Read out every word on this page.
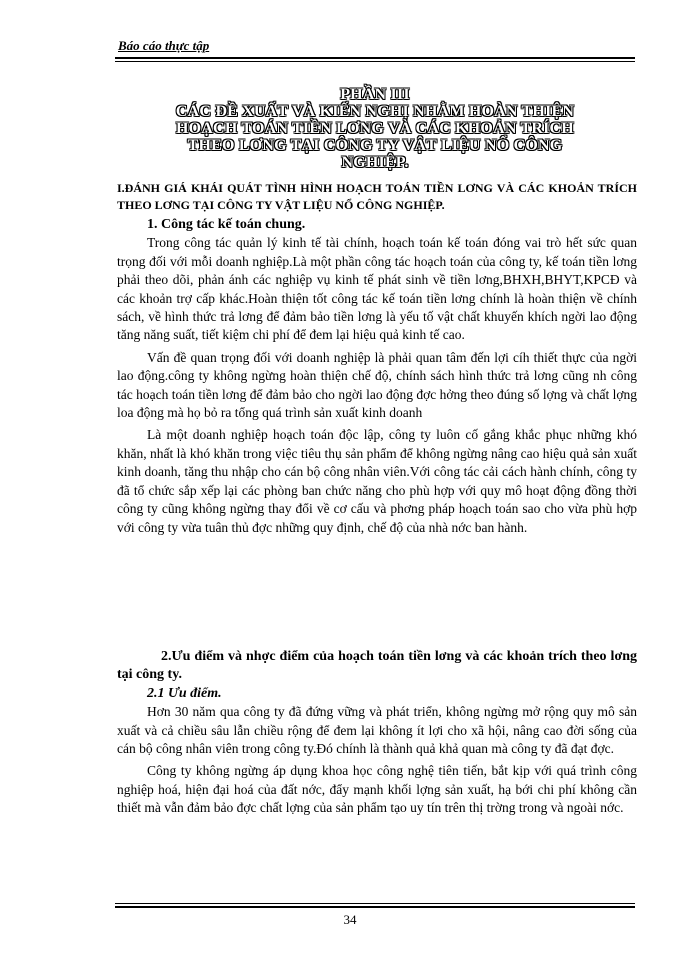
Báo cáo thực tập
PHẦN III
CÁC ĐỀ XUẤT VÀ KIẾN NGHỊ NHẰM HOÀN THIỆN
HOẠCH TOÁN TIỀN LƠNG VÀ CÁC KHOẢN TRÍCH
THEO LƠNG TẠI CÔNG TY VẬT LIỆU NỔ CÔNG
NGHIỆP.
I.ĐÁNH GIÁ KHÁI QUÁT TÌNH HÌNH HOẠCH TOÁN TIỀN LƠNG VÀ CÁC KHOẢN TRÍCH THEO LƠNG TẠI CÔNG TY VẬT LIỆU NỔ CÔNG NGHIỆP.

1. Công tác kế toán chung.

Trong công tác quản lý kinh tế tài chính, hoạch toán kế toán đóng vai trò hết sức quan trọng đối với mỗi doanh nghiệp.Là một phần công tác hoạch toán của công ty, kế toán tiền lơng phải theo dõi, phản ánh các nghiệp vụ kinh tế phát sinh về tiền lơng,BHXH,BHYT,KPCĐ và các khoản trợ cấp khác.Hoàn thiện tốt công tác kế toán tiền lơng chính là hoàn thiện về chính sách, về hình thức trả lơng để đảm bảo tiền lơng là yếu tố vật chất khuyến khích ngời lao động tăng năng suất, tiết kiệm chi phí để đem lại hiệu quả kinh tế cao.

Vấn đề quan trọng đối với doanh nghiệp là phải quan tâm đến lợi cíh thiết thực của ngời lao động.công ty không ngừng hoàn thiện chế độ, chính sách hình thức trả lơng cũng nh công tác hoạch toán tiền lơng để đảm bảo cho ngời lao động đợc hởng theo đúng số lợng và chất lợng loa động mà họ bỏ ra tổng quá trình sản xuất kinh doanh

Là một doanh nghiệp hoạch toán độc lập, công ty luôn cố gắng khắc phục những khó khăn, nhất là khó khăn trong việc tiêu thụ sản phẩm để không ngừng nâng cao hiệu quả sản xuất kinh doanh, tăng thu nhập cho cán bộ công nhân viên.Với công tác cải cách hành chính, công ty đã tổ chức sắp xếp lại các phòng ban chức năng cho phù hợp với quy mô hoạt động đồng thời công ty cũng không ngừng thay đổi về cơ cấu và phơng pháp hoạch toán sao cho vừa phù hợp với công ty vừa tuân thủ đợc những quy định, chế độ của nhà nớc ban hành.

2.Ưu điểm và nhợc điểm của hoạch toán tiền lơng và các khoản trích theo lơng tại công ty.

2.1 Ưu điểm.

Hơn 30 năm qua công ty đã đứng vững và phát triển, không ngừng mở rộng quy mô sản xuất và cả chiều sâu lẫn chiều rộng để đem lại không ít lợi cho xã hội, nâng cao đời sống của cán bộ công nhân viên trong công ty.Đó chính là thành quả khả quan mà công ty đã đạt đợc.

Công ty không ngừng áp dụng khoa học công nghệ tiên tiến, bắt kịp với quá trình công nghiệp hoá, hiện đại hoá của đất nớc, đẩy mạnh khối lợng sản xuất, hạ bới chi phí không cần thiết mà vẫn đảm bảo đợc chất lợng của sản phẩm tạo uy tín trên thị trờng trong và ngoài nớc.

34
